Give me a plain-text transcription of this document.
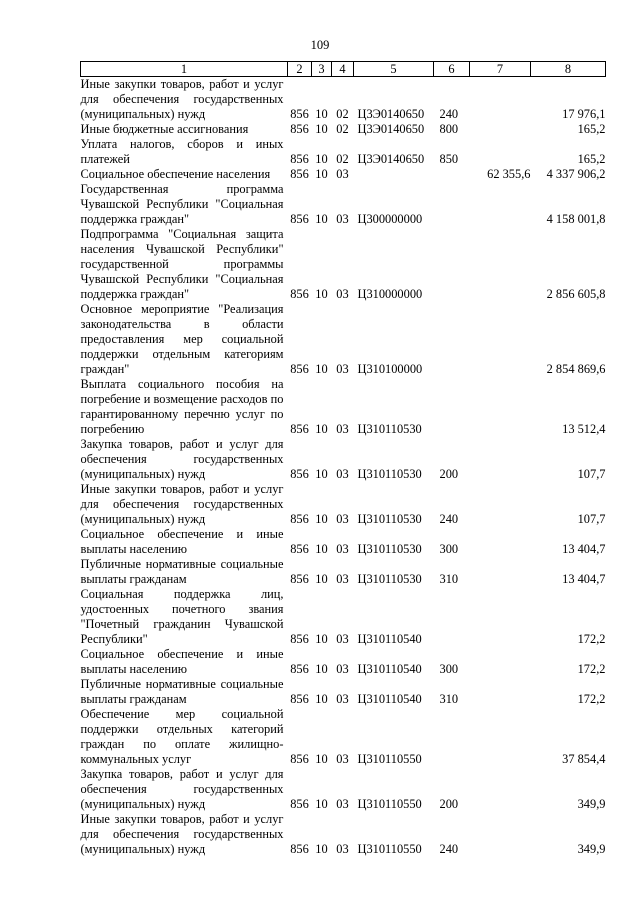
109
1	2	3	4	5	6	7	8
Иные закупки товаров, работ и услуг для обеспечения государственных (муниципальных) нужд	856	10	02	Ц3Э0140650	240		17 976,1
Иные бюджетные ассигнования	856	10	02	Ц3Э0140650	800		165,2
Уплата налогов, сборов и иных платежей	856	10	02	Ц3Э0140650	850		165,2
Социальное обеспечение населения	856	10	03			62 355,6	4 337 906,2
Государственная программа Чувашской Республики "Социальная поддержка граждан"	856	10	03	Ц300000000			4 158 001,8
Подпрограмма "Социальная защита населения Чувашской Республики" государственной программы Чувашской Республики "Социальная поддержка граждан"	856	10	03	Ц310000000			2 856 605,8
Основное мероприятие "Реализация законодательства в области предоставления мер социальной поддержки отдельным категориям граждан"	856	10	03	Ц310100000			2 854 869,6
Выплата социального пособия на погребение и возмещение расходов по гарантированному перечню услуг по погребению	856	10	03	Ц310110530			13 512,4
Закупка товаров, работ и услуг для обеспечения государственных (муниципальных) нужд	856	10	03	Ц310110530	200		107,7
Иные закупки товаров, работ и услуг для обеспечения государственных (муниципальных) нужд	856	10	03	Ц310110530	240		107,7
Социальное обеспечение и иные выплаты населению	856	10	03	Ц310110530	300		13 404,7
Публичные нормативные социальные выплаты гражданам	856	10	03	Ц310110530	310		13 404,7
Социальная поддержка лиц, удостоенных почетного звания "Почетный гражданин Чувашской Республики"	856	10	03	Ц310110540			172,2
Социальное обеспечение и иные выплаты населению	856	10	03	Ц310110540	300		172,2
Публичные нормативные социальные выплаты гражданам	856	10	03	Ц310110540	310		172,2
Обеспечение мер социальной поддержки отдельных категорий граждан по оплате жилищно-коммунальных услуг	856	10	03	Ц310110550			37 854,4
Закупка товаров, работ и услуг для обеспечения государственных (муниципальных) нужд	856	10	03	Ц310110550	200		349,9
Иные закупки товаров, работ и услуг для обеспечения государственных (муниципальных) нужд	856	10	03	Ц310110550	240		349,9
